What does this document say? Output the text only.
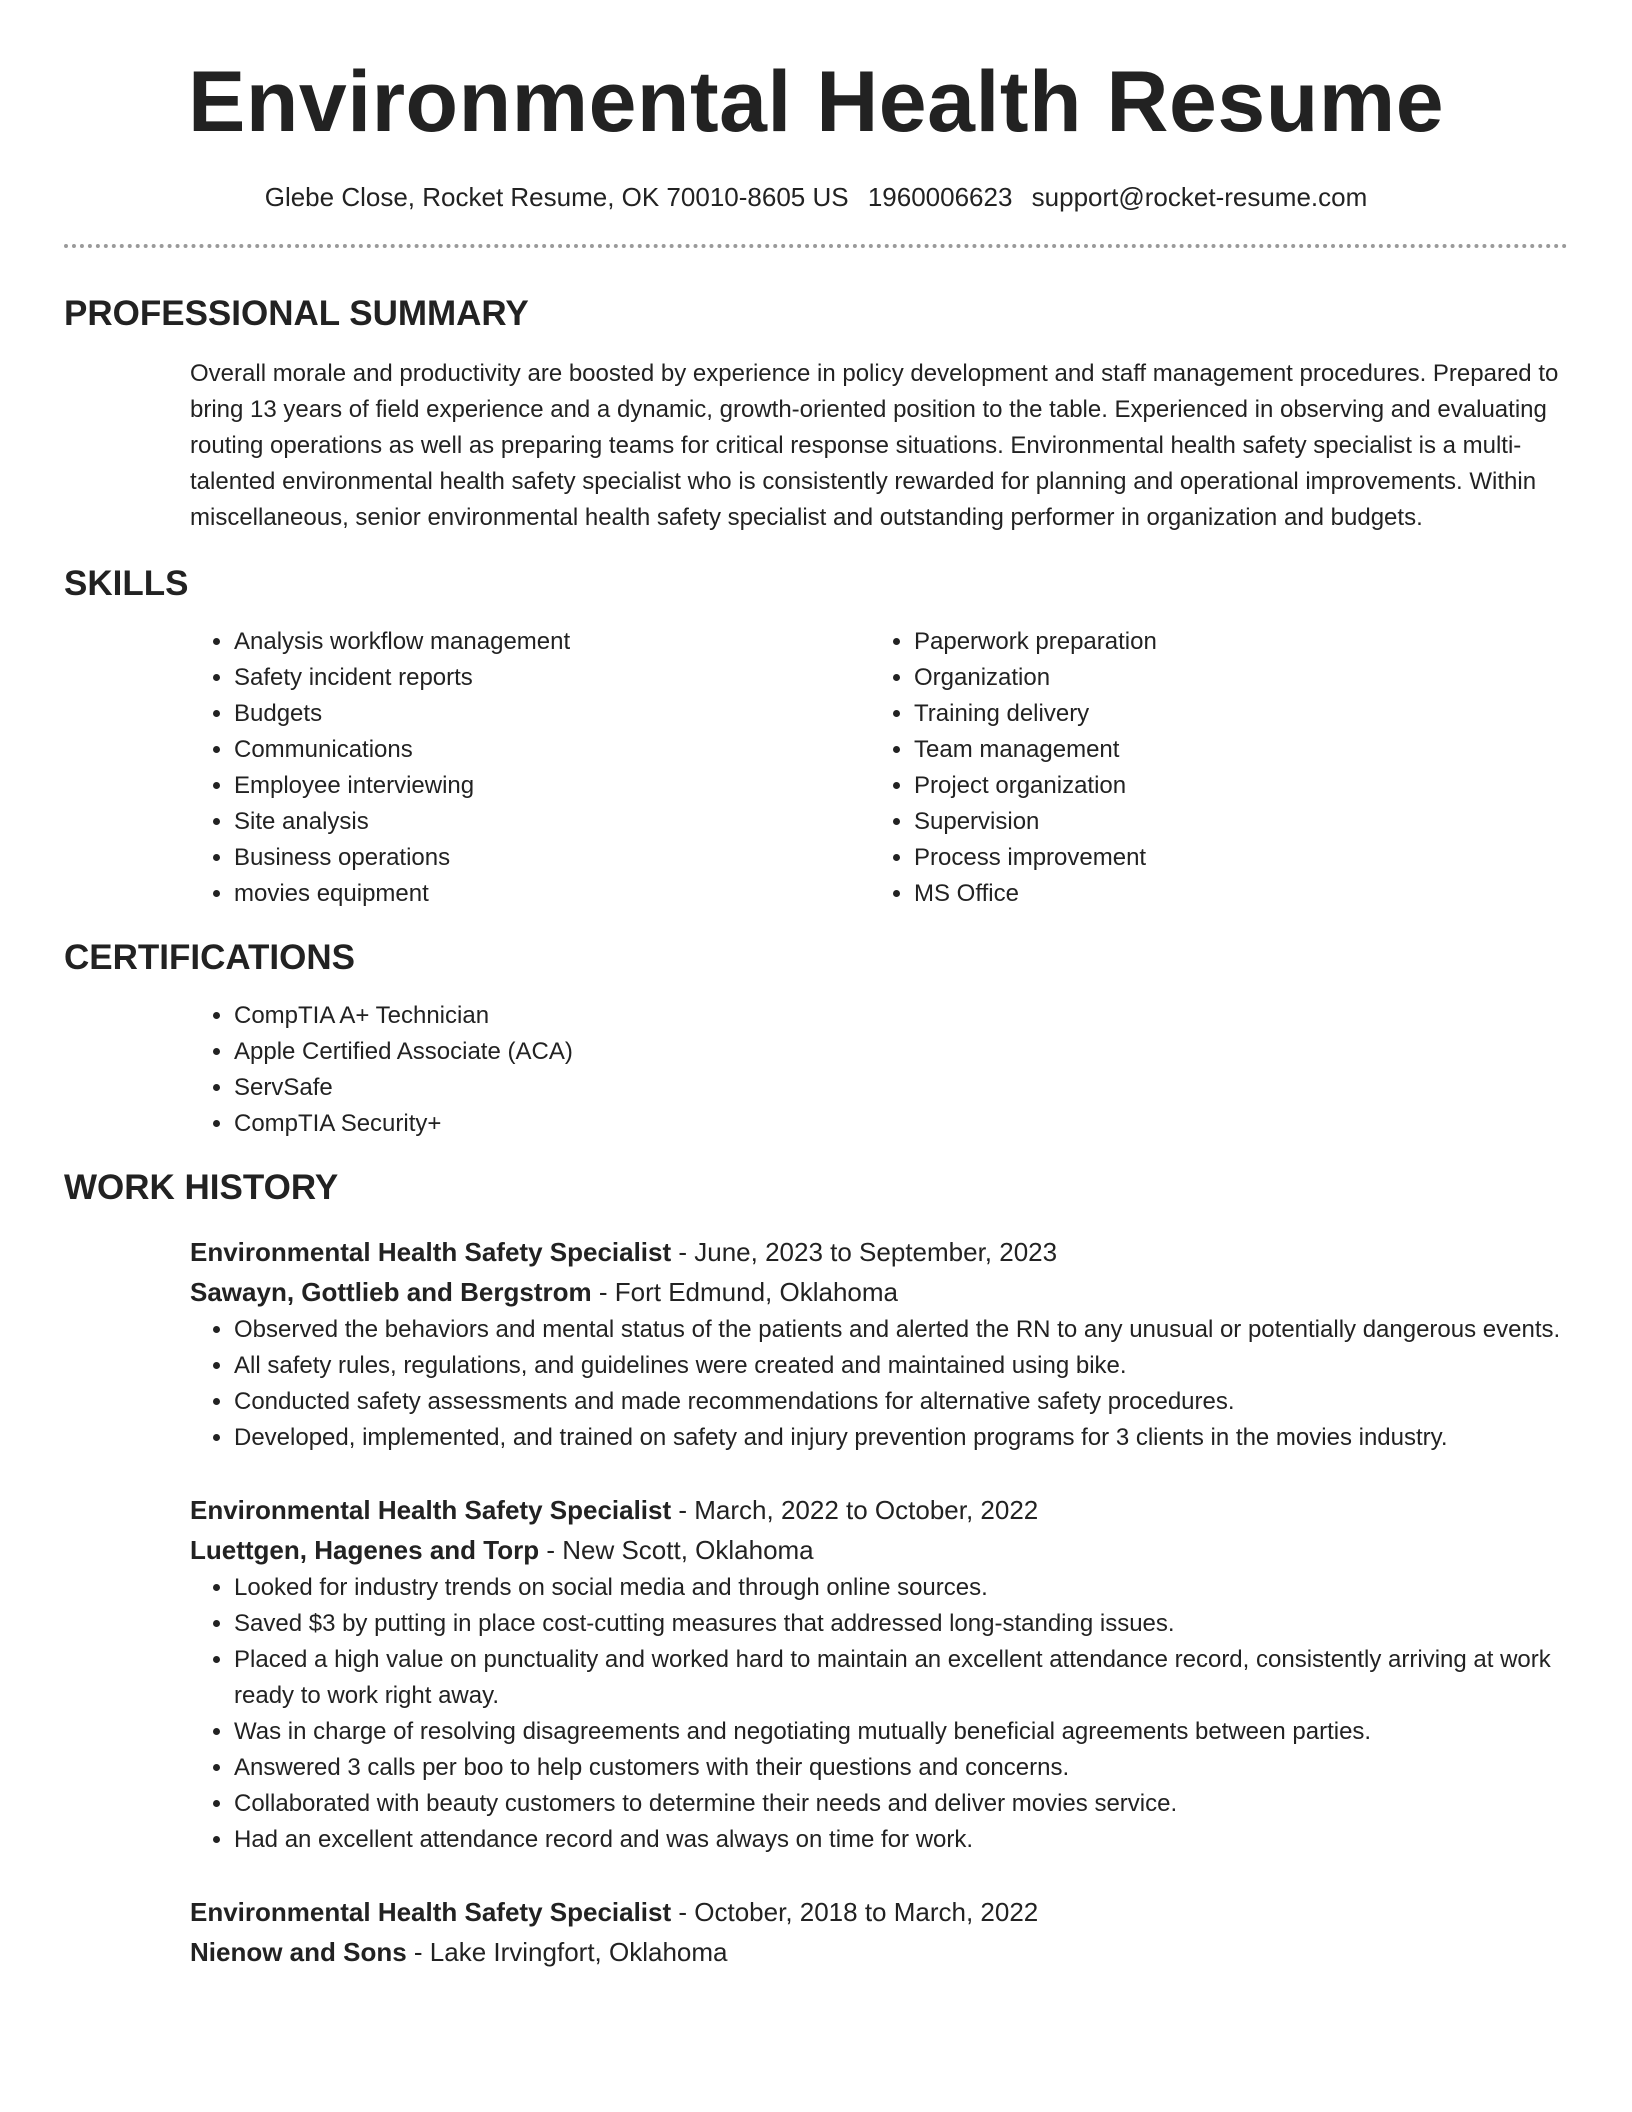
Environmental Health Resume
Glebe Close, Rocket Resume, OK 70010-8605 US 1960006623 support@rocket-resume.com
PROFESSIONAL SUMMARY
Overall morale and productivity are boosted by experience in policy development and staff management procedures. Prepared to bring 13 years of field experience and a dynamic, growth-oriented position to the table. Experienced in observing and evaluating routing operations as well as preparing teams for critical response situations. Environmental health safety specialist is a multi-talented environmental health safety specialist who is consistently rewarded for planning and operational improvements. Within miscellaneous, senior environmental health safety specialist and outstanding performer in organization and budgets.
SKILLS
• Analysis workflow management
• Safety incident reports
• Budgets
• Communications
• Employee interviewing
• Site analysis
• Business operations
• movies equipment
• Paperwork preparation
• Organization
• Training delivery
• Team management
• Project organization
• Supervision
• Process improvement
• MS Office
CERTIFICATIONS
• CompTIA A+ Technician
• Apple Certified Associate (ACA)
• ServSafe
• CompTIA Security+
WORK HISTORY
Environmental Health Safety Specialist - June, 2023 to September, 2023
Sawayn, Gottlieb and Bergstrom - Fort Edmund, Oklahoma
• Observed the behaviors and mental status of the patients and alerted the RN to any unusual or potentially dangerous events.
• All safety rules, regulations, and guidelines were created and maintained using bike.
• Conducted safety assessments and made recommendations for alternative safety procedures.
• Developed, implemented, and trained on safety and injury prevention programs for 3 clients in the movies industry.
Environmental Health Safety Specialist - March, 2022 to October, 2022
Luettgen, Hagenes and Torp - New Scott, Oklahoma
• Looked for industry trends on social media and through online sources.
• Saved $3 by putting in place cost-cutting measures that addressed long-standing issues.
• Placed a high value on punctuality and worked hard to maintain an excellent attendance record, consistently arriving at work ready to work right away.
• Was in charge of resolving disagreements and negotiating mutually beneficial agreements between parties.
• Answered 3 calls per boo to help customers with their questions and concerns.
• Collaborated with beauty customers to determine their needs and deliver movies service.
• Had an excellent attendance record and was always on time for work.
Environmental Health Safety Specialist - October, 2018 to March, 2022
Nienow and Sons - Lake Irvingfort, Oklahoma
